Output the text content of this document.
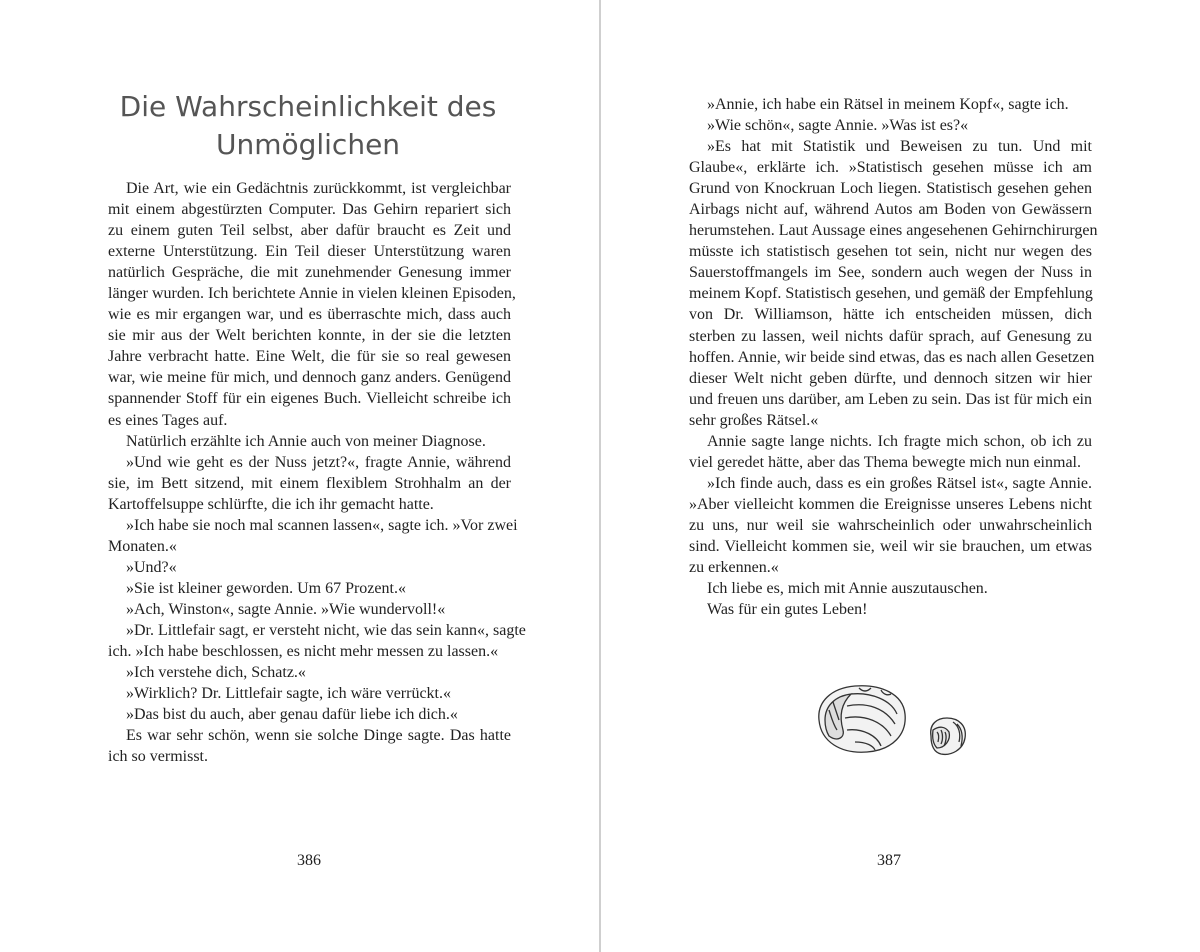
Die Wahrscheinlichkeit des
Unmöglichen
Die Art, wie ein Gedächtnis zurückkommt, ist vergleichbar
mit einem abgestürzten Computer. Das Gehirn repariert sich
zu einem guten Teil selbst, aber dafür braucht es Zeit und
externe Unterstützung. Ein Teil dieser Unterstützung waren
natürlich Gespräche, die mit zunehmender Genesung immer
länger wurden. Ich berichtete Annie in vielen kleinen Episoden,
wie es mir ergangen war, und es überraschte mich, dass auch
sie mir aus der Welt berichten konnte, in der sie die letzten
Jahre verbracht hatte. Eine Welt, die für sie so real gewesen
war, wie meine für mich, und dennoch ganz anders. Genügend
spannender Stoff für ein eigenes Buch. Vielleicht schreibe ich
es eines Tages auf.
Natürlich erzählte ich Annie auch von meiner Diagnose.
»Und wie geht es der Nuss jetzt?«, fragte Annie, während
sie, im Bett sitzend, mit einem flexiblem Strohhalm an der
Kartoffelsuppe schlürfte, die ich ihr gemacht hatte.
»Ich habe sie noch mal scannen lassen«, sagte ich. »Vor zwei
Monaten.«
»Und?«
»Sie ist kleiner geworden. Um 67 Prozent.«
»Ach, Winston«, sagte Annie. »Wie wundervoll!«
»Dr. Littlefair sagt, er versteht nicht, wie das sein kann«, sagte
ich. »Ich habe beschlossen, es nicht mehr messen zu lassen.«
»Ich verstehe dich, Schatz.«
»Wirklich? Dr. Littlefair sagte, ich wäre verrückt.«
»Das bist du auch, aber genau dafür liebe ich dich.«
Es war sehr schön, wenn sie solche Dinge sagte. Das hatte
ich so vermisst.
386
»Annie, ich habe ein Rätsel in meinem Kopf«, sagte ich.
»Wie schön«, sagte Annie. »Was ist es?«
»Es hat mit Statistik und Beweisen zu tun. Und mit
Glaube«, erklärte ich. »Statistisch gesehen müsse ich am
Grund von Knockruan Loch liegen. Statistisch gesehen gehen
Airbags nicht auf, während Autos am Boden von Gewässern
herumstehen. Laut Aussage eines angesehenen Gehirnchirurgen
müsste ich statistisch gesehen tot sein, nicht nur wegen des
Sauerstoffmangels im See, sondern auch wegen der Nuss in
meinem Kopf. Statistisch gesehen, und gemäß der Empfehlung
von Dr. Williamson, hätte ich entscheiden müssen, dich
sterben zu lassen, weil nichts dafür sprach, auf Genesung zu
hoffen. Annie, wir beide sind etwas, das es nach allen Gesetzen
dieser Welt nicht geben dürfte, und dennoch sitzen wir hier
und freuen uns darüber, am Leben zu sein. Das ist für mich ein
sehr großes Rätsel.«
Annie sagte lange nichts. Ich fragte mich schon, ob ich zu
viel geredet hätte, aber das Thema bewegte mich nun einmal.
»Ich finde auch, dass es ein großes Rätsel ist«, sagte Annie.
»Aber vielleicht kommen die Ereignisse unseres Lebens nicht
zu uns, nur weil sie wahrscheinlich oder unwahrscheinlich
sind. Vielleicht kommen sie, weil wir sie brauchen, um etwas
zu erkennen.«
Ich liebe es, mich mit Annie auszutauschen.
Was für ein gutes Leben!
387
